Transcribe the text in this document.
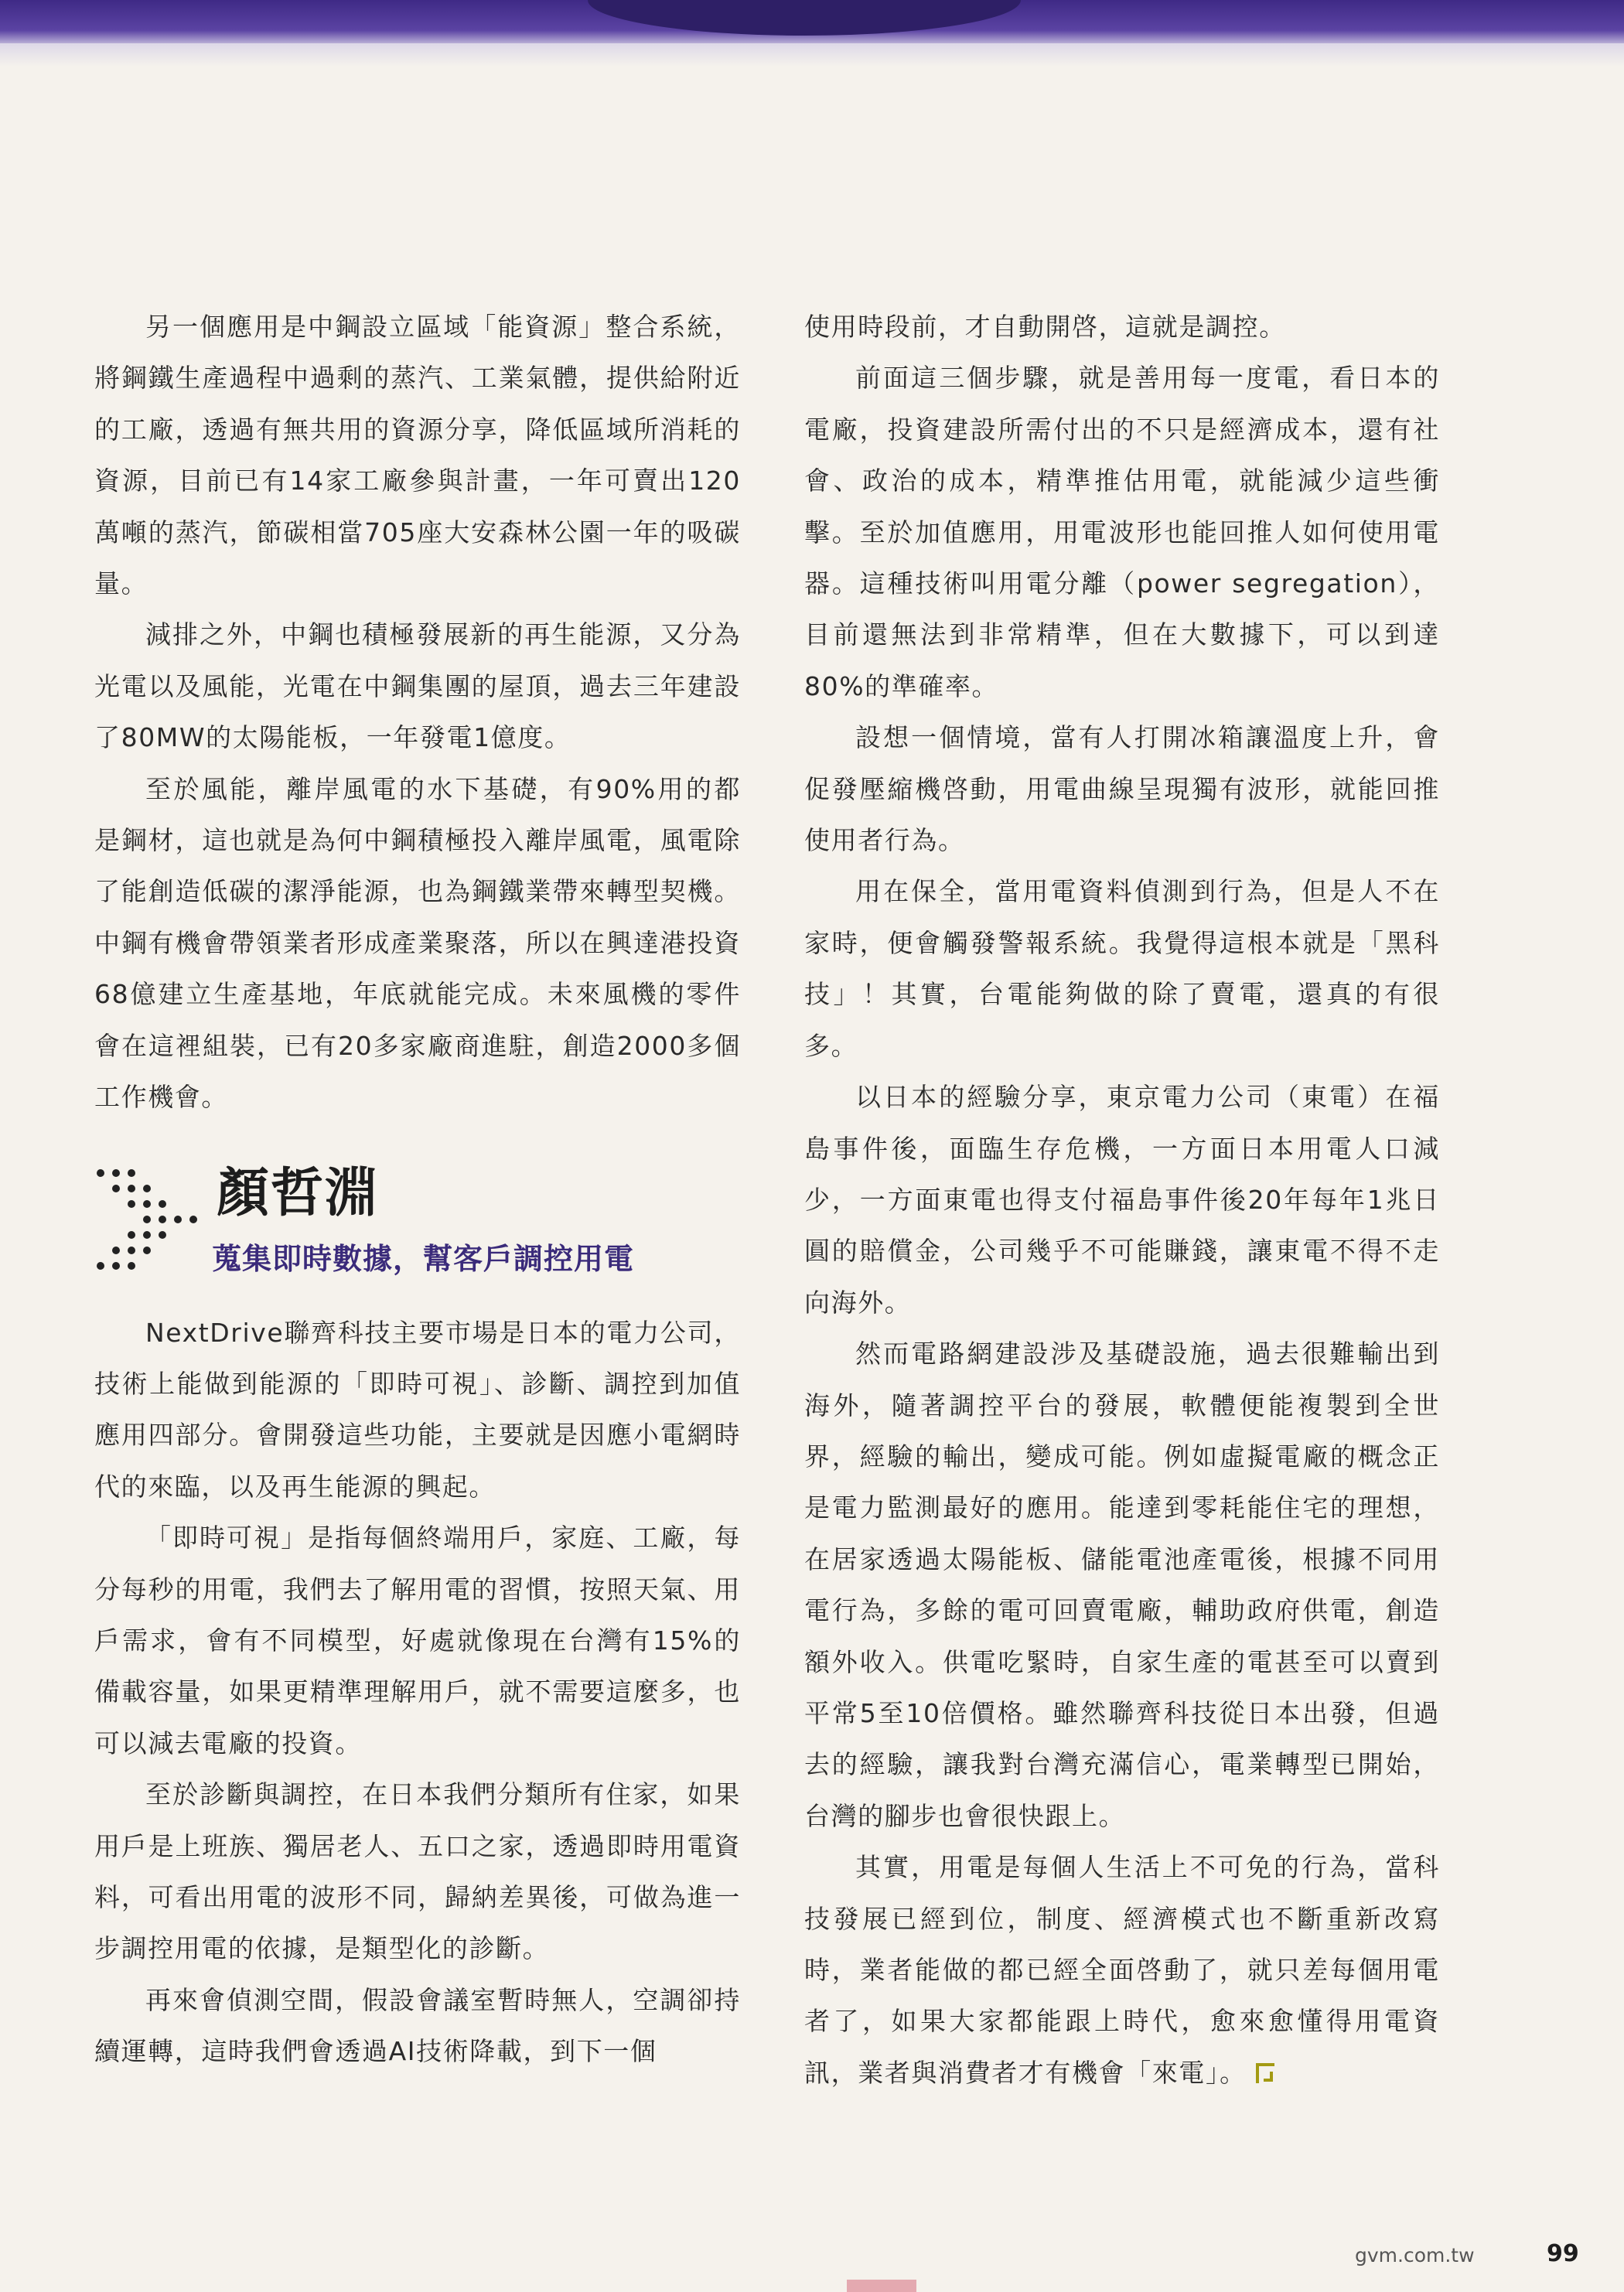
另一個應用是中鋼設立區域「能資源」整合系統，將鋼鐵生產過程中過剩的蒸汽、工業氣體，提供給附近的工廠，透過有無共用的資源分享，降低區域所消耗的資源，目前已有14家工廠參與計畫，一年可賣出120萬噸的蒸汽，節碳相當705座大安森林公園一年的吸碳量。

減排之外，中鋼也積極發展新的再生能源，又分為光電以及風能，光電在中鋼集團的屋頂，過去三年建設了80MW的太陽能板，一年發電1億度。

至於風能，離岸風電的水下基礎，有90%用的都是鋼材，這也就是為何中鋼積極投入離岸風電，風電除了能創造低碳的潔淨能源，也為鋼鐵業帶來轉型契機。中鋼有機會帶領業者形成產業聚落，所以在興達港投資68億建立生產基地，年底就能完成。未來風機的零件會在這裡組裝，已有20多家廠商進駐，創造2000多個工作機會。

顏哲淵
蒐集即時數據，幫客戶調控用電

NextDrive聯齊科技主要市場是日本的電力公司，技術上能做到能源的「即時可視」、診斷、調控到加值應用四部分。會開發這些功能，主要就是因應小電網時代的來臨，以及再生能源的興起。

「即時可視」是指每個終端用戶，家庭、工廠，每分每秒的用電，我們去了解用電的習慣，按照天氣、用戶需求，會有不同模型，好處就像現在台灣有15%的備載容量，如果更精準理解用戶，就不需要這麼多，也可以減去電廠的投資。

至於診斷與調控，在日本我們分類所有住家，如果用戶是上班族、獨居老人、五口之家，透過即時用電資料，可看出用電的波形不同，歸納差異後，可做為進一步調控用電的依據，是類型化的診斷。

再來會偵測空間，假設會議室暫時無人，空調卻持續運轉，這時我們會透過AI技術降載，到下一個

使用時段前，才自動開啓，這就是調控。

前面這三個步驟，就是善用每一度電，看日本的電廠，投資建設所需付出的不只是經濟成本，還有社會、政治的成本，精準推估用電，就能減少這些衝擊。至於加值應用，用電波形也能回推人如何使用電器。這種技術叫用電分離（power segregation），目前還無法到非常精準，但在大數據下，可以到達80%的準確率。

設想一個情境，當有人打開冰箱讓溫度上升，會促發壓縮機啓動，用電曲線呈現獨有波形，就能回推使用者行為。

用在保全，當用電資料偵測到行為，但是人不在家時，便會觸發警報系統。我覺得這根本就是「黑科技」！其實，台電能夠做的除了賣電，還真的有很多。

以日本的經驗分享，東京電力公司（東電）在福島事件後，面臨生存危機，一方面日本用電人口減少，一方面東電也得支付福島事件後20年每年1兆日圓的賠償金，公司幾乎不可能賺錢，讓東電不得不走向海外。

然而電路網建設涉及基礎設施，過去很難輸出到海外，隨著調控平台的發展，軟體便能複製到全世界，經驗的輸出，變成可能。例如虛擬電廠的概念正是電力監測最好的應用。能達到零耗能住宅的理想，在居家透過太陽能板、儲能電池產電後，根據不同用電行為，多餘的電可回賣電廠，輔助政府供電，創造額外收入。供電吃緊時，自家生產的電甚至可以賣到平常5至10倍價格。雖然聯齊科技從日本出發，但過去的經驗，讓我對台灣充滿信心，電業轉型已開始，台灣的腳步也會很快跟上。

其實，用電是每個人生活上不可免的行為，當科技發展已經到位，制度、經濟模式也不斷重新改寫時，業者能做的都已經全面啓動了，就只差每個用電者了，如果大家都能跟上時代，愈來愈懂得用電資訊，業者與消費者才有機會「來電」。

gvm.com.tw	99
